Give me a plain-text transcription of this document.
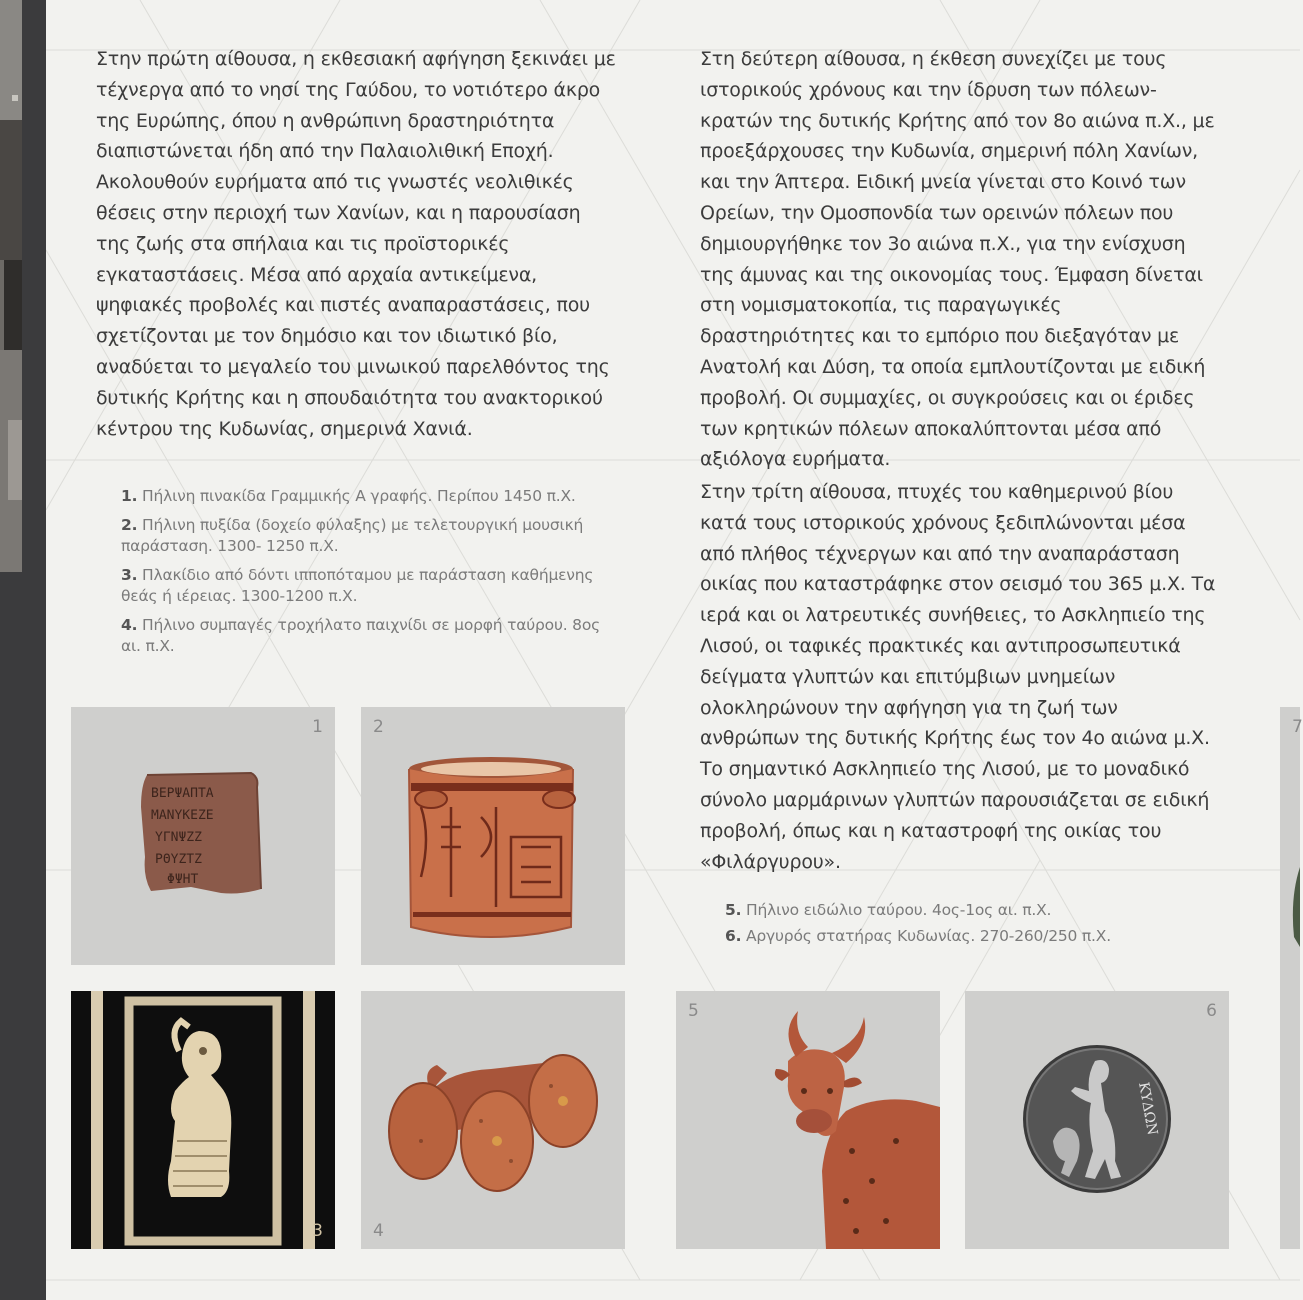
Στην πρώτη αίθουσα, η εκθεσιακή αφήγηση ξεκινάει με τέχνεργα από το νησί της Γαύδου, το νοτιότερο άκρο της Ευρώπης, όπου η ανθρώπινη δραστηριότητα διαπιστώνεται ήδη από την Παλαιολιθική Εποχή. Ακολουθούν ευρήματα από τις γνωστές νεολιθικές θέσεις στην περιοχή των Χανίων, και η παρουσίαση της ζωής στα σπήλαια και τις προϊστορικές εγκαταστάσεις. Μέσα από αρχαία αντικείμενα, ψηφιακές προβολές και πιστές αναπαραστάσεις, που σχετίζονται με τον δημόσιο και τον ιδιωτικό βίο, αναδύεται το μεγαλείο του μινωικού παρελθόντος της δυτικής Κρήτης και η σπουδαιότητα του ανακτορικού κέντρου της Κυδωνίας, σημερινά Χανιά.

Στη δεύτερη αίθουσα, η έκθεση συνεχίζει με τους ιστορικούς χρόνους και την ίδρυση των πόλεων-κρατών της δυτικής Κρήτης από τον 8ο αιώνα π.Χ., με προεξάρχουσες την Κυδωνία, σημερινή πόλη Χανίων, και την Άπτερα. Ειδική μνεία γίνεται στο Κοινό των Ορείων, την Ομοσπονδία των ορεινών πόλεων που δημιουργήθηκε τον 3ο αιώνα π.Χ., για την ενίσχυση της άμυνας και της οικονομίας τους. Έμφαση δίνεται στη νομισματοκοπία, τις παραγωγικές δραστηριότητες και το εμπόριο που διεξαγόταν με Ανατολή και Δύση, τα οποία εμπλουτίζονται με ειδική προβολή. Οι συμμαχίες, οι συγκρούσεις και οι έριδες των κρητικών πόλεων αποκαλύπτονται μέσα από αξιόλογα ευρήματα.

Στην τρίτη αίθουσα, πτυχές του καθημερινού βίου κατά τους ιστορικούς χρόνους ξεδιπλώνονται μέσα από πλήθος τέχνεργων και από την αναπαράσταση οικίας που καταστράφηκε στον σεισμό του 365 μ.Χ. Τα ιερά και οι λατρευτικές συνήθειες, το Ασκληπιείο της Λισού, οι ταφικές πρακτικές και αντιπροσωπευτικά δείγματα γλυπτών και επιτύμβιων μνημείων ολοκληρώνουν την αφήγηση για τη ζωή των ανθρώπων της δυτικής Κρήτης έως τον 4ο αιώνα μ.Χ. Το σημαντικό Ασκληπιείο της Λισού, με το μοναδικό σύνολο μαρμάρινων γλυπτών παρουσιάζεται σε ειδική προβολή, όπως και η καταστροφή της οικίας του «Φιλάργυρου».

1. Πήλινη πινακίδα Γραμμικής Α γραφής. Περίπου 1450 π.Χ.
2. Πήλινη πυξίδα (δοχείο φύλαξης) με τελετουργική μουσική παράσταση. 1300- 1250 π.Χ.
3. Πλακίδιο από δόντι ιπποπόταμου με παράσταση καθήμενης θεάς ή ιέρειας. 1300-1200 π.Χ.
4. Πήλινο συμπαγές τροχήλατο παιχνίδι σε μορφή ταύρου. 8ος αι. π.Χ.
5. Πήλινο ειδώλιο ταύρου. 4ος-1ος αι. π.Χ.
6. Αργυρός στατήρας Κυδωνίας. 270-260/250 π.Χ.
ΒΕΡΨΑΠΤΑ
ΜΑΝΥΚΕΖΕ
ΥΓΝΨΖΖ
ΡΘΥΖΤΖ
ΦΨΗΤ
1	2
3	4
5
ΚΥΔΩΝ
6
7
